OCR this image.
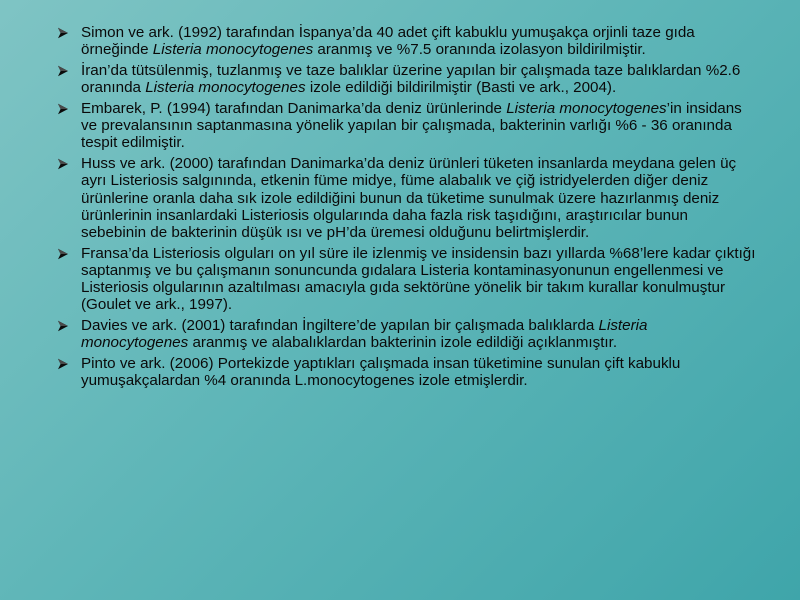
Simon ve ark. (1992) tarafından İspanya’da 40 adet çift kabuklu yumuşakça orjinli taze gıda örneğinde Listeria monocytogenes aranmış ve %7.5 oranında izolasyon bildirilmiştir.
İran’da tütsülenmiş, tuzlanmış ve taze balıklar üzerine yapılan bir çalışmada taze balıklardan %2.6 oranında Listeria monocytogenes izole edildiği bildirilmiştir (Basti ve ark., 2004).
Embarek, P. (1994) tarafından Danimarka’da deniz ürünlerinde Listeria monocytogenes’in insidans ve prevalansının saptanmasına yönelik yapılan bir çalışmada, bakterinin varlığı %6 - 36 oranında tespit edilmiştir.
Huss ve ark. (2000) tarafından Danimarka’da deniz ürünleri tüketen insanlarda meydana gelen üç ayrı Listeriosis salgınında, etkenin füme midye, füme alabalık ve çiğ istridyelerden diğer deniz ürünlerine oranla daha sık izole edildiğini bunun da tüketime sunulmak üzere hazırlanmış deniz ürünlerinin insanlardaki Listeriosis olgularında daha fazla risk taşıdığını, araştırıcılar bunun sebebinin de bakterinin düşük ısı ve pH’da üremesi olduğunu belirtmişlerdir.
Fransa’da Listeriosis olguları on yıl süre ile izlenmiş ve insidensin bazı yıllarda %68’lere kadar çıktığı saptanmış ve bu çalışmanın sonuncunda gıdalara Listeria kontaminasyonunun engellenmesi ve Listeriosis olgularının azaltılması amacıyla gıda sektörüne yönelik bir takım kurallar konulmuştur (Goulet ve ark., 1997).
Davies ve ark. (2001) tarafından İngiltere’de yapılan bir çalışmada balıklarda Listeria monocytogenes aranmış ve alabalıklardan bakterinin izole edildiği açıklanmıştır.
Pinto ve ark. (2006) Portekizde yaptıkları çalışmada insan tüketimine sunulan çift kabuklu yumuşakçalardan %4 oranında L.monocytogenes izole etmişlerdir.
